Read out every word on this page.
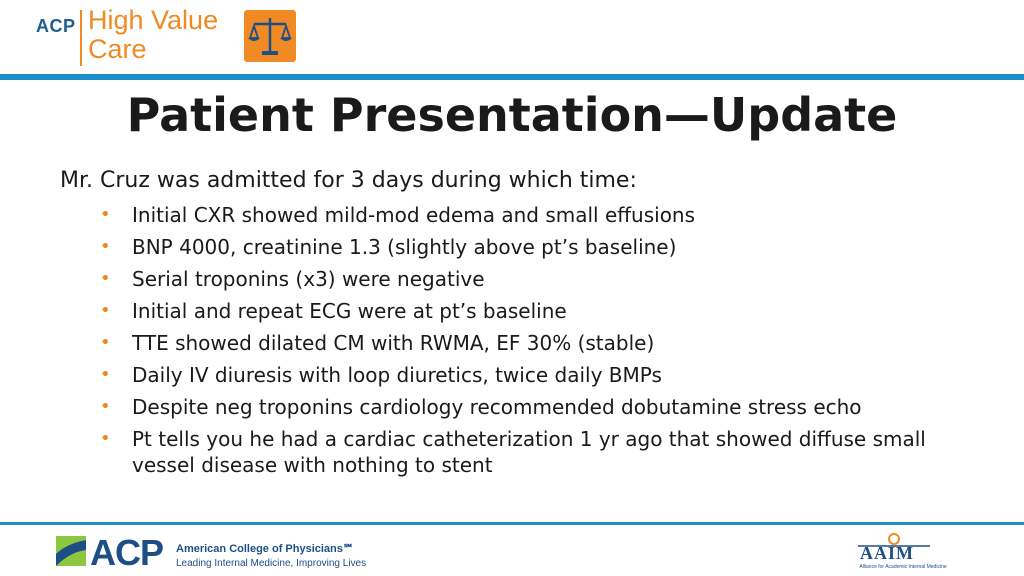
ACP High Value
Care
Patient Presentation—Update
Mr. Cruz was admitted for 3 days during which time:
• Initial CXR showed mild-mod edema and small effusions
• BNP 4000, creatinine 1.3 (slightly above pt’s baseline)
• Serial troponins (x3) were negative
• Initial and repeat ECG were at pt’s baseline
• TTE showed dilated CM with RWMA, EF 30% (stable)
• Daily IV diuresis with loop diuretics, twice daily BMPs
• Despite neg troponins cardiology recommended dobutamine stress echo
• Pt tells you he had a cardiac catheterization 1 yr ago that showed diffuse small vessel disease with nothing to stent
ACP American College of Physicians℠
Leading Internal Medicine, Improving Lives
AAIM
Alliance for Academic Internal Medicine
